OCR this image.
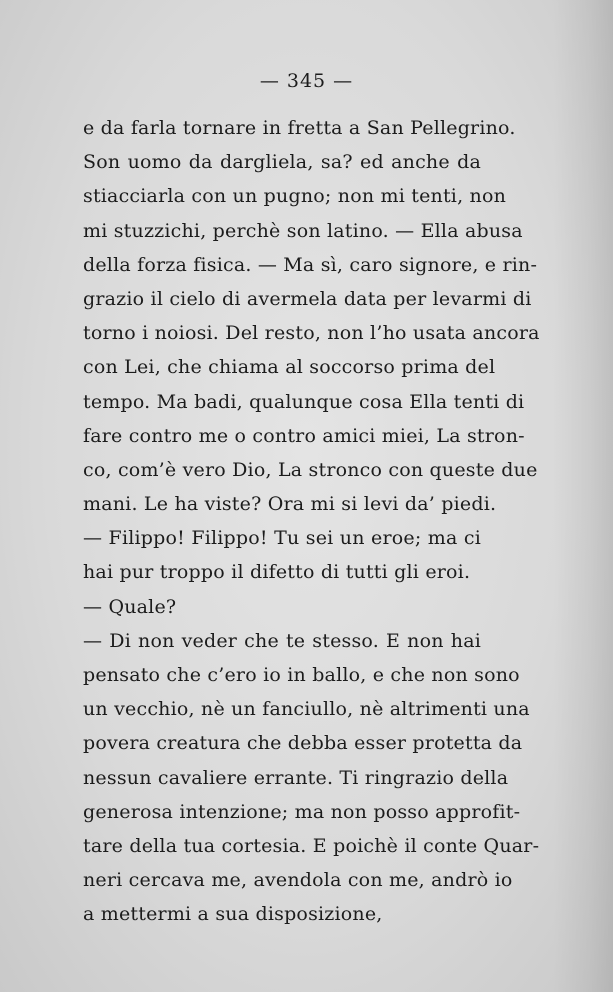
— 345 —
e da farla tornare in fretta a San Pellegrino.
Son uomo da dargliela, sa? ed anche da
stiacciarla con un pugno; non mi tenti, non
mi stuzzichi, perchè son latino. — Ella abusa
della forza fisica. — Ma sì, caro signore, e rin-
grazio il cielo di avermela data per levarmi di
torno i noiosi. Del resto, non l’ho usata ancora
con Lei, che chiama al soccorso prima del
tempo. Ma badi, qualunque cosa Ella tenti di
fare contro me o contro amici miei, La stron-
co, com’è vero Dio, La stronco con queste due
mani. Le ha viste? Ora mi si levi da’ piedi.
— Filippo! Filippo! Tu sei un eroe; ma ci
hai pur troppo il difetto di tutti gli eroi.
— Quale?
— Di non veder che te stesso. E non hai
pensato che c’ero io in ballo, e che non sono
un vecchio, nè un fanciullo, nè altrimenti una
povera creatura che debba esser protetta da
nessun cavaliere errante. Ti ringrazio della
generosa intenzione; ma non posso approfit-
tare della tua cortesia. E poichè il conte Quar-
neri cercava me, avendola con me, andrò io
a mettermi a sua disposizione,
